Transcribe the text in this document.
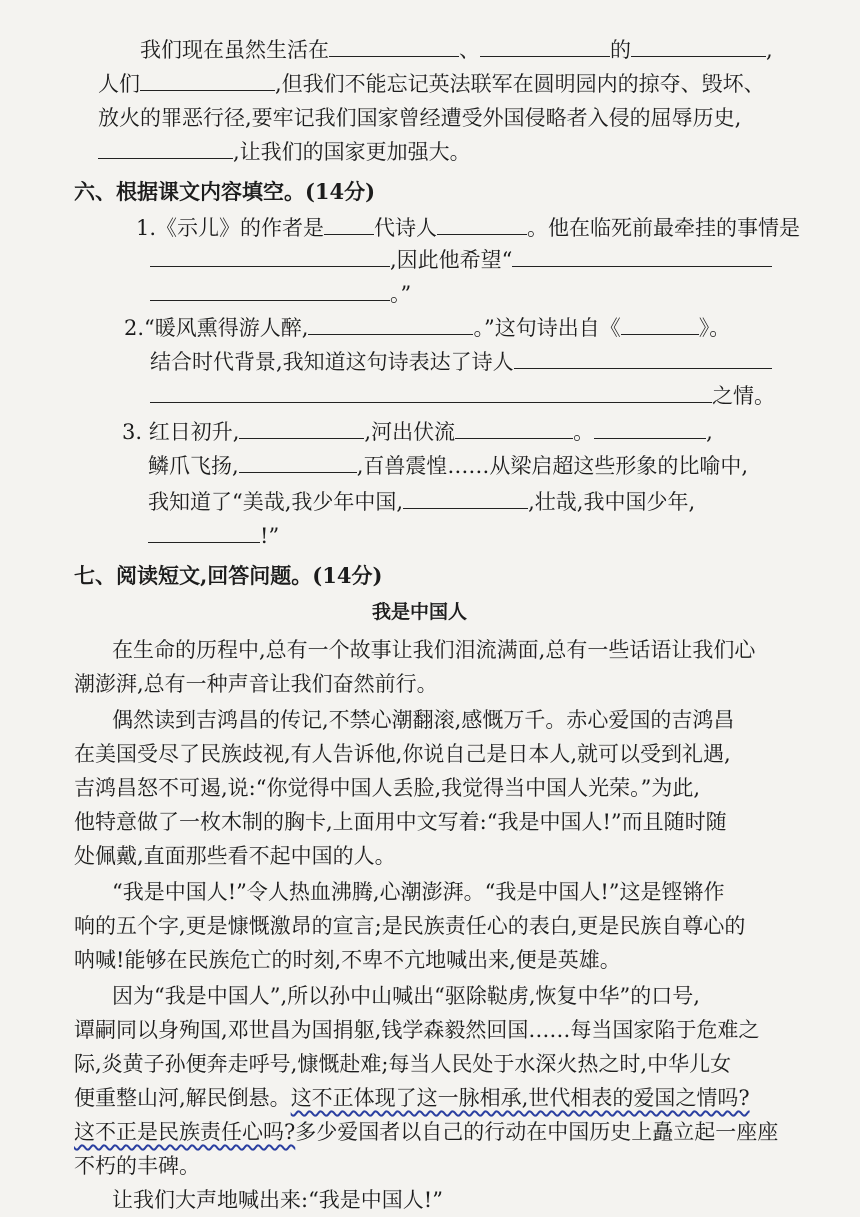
我们现在虽然生活在	、	的	,
人们	,但我们不能忘记英法联军在圆明园内的掠夺、毁坏、
放火的罪恶行径,要牢记我们国家曾经遭受外国侵略者入侵的屈辱历史,
,让我们的国家更加强大。
六、根据课文内容填空。(14分)
1.《示儿》的作者是 代诗人	。他在临死前最牵挂的事情是
,因此他希望“
。”
2.“暖风熏得游人醉,	。”这句诗出自《	》。
结合时代背景,我知道这句诗表达了诗人
之情。
3. 红日初升,	,河出伏流	。	,
鳞爪飞扬,	,百兽震惶……从梁启超这些形象的比喻中,
我知道了“美哉,我少年中国,	,壮哉,我中国少年,
!”
七、阅读短文,回答问题。(14分)
我是中国人
在生命的历程中,总有一个故事让我们泪流满面,总有一些话语让我们心
潮澎湃,总有一种声音让我们奋然前行。
偶然读到吉鸿昌的传记,不禁心潮翻滚,感慨万千。赤心爱国的吉鸿昌
在美国受尽了民族歧视,有人告诉他,你说自己是日本人,就可以受到礼遇,
吉鸿昌怒不可遏,说:“你觉得中国人丢脸,我觉得当中国人光荣。”为此,
他特意做了一枚木制的胸卡,上面用中文写着:“我是中国人!”而且随时随
处佩戴,直面那些看不起中国的人。
“我是中国人!”令人热血沸腾,心潮澎湃。“我是中国人!”这是铿锵作
响的五个字,更是慷慨激昂的宣言;是民族责任心的表白,更是民族自尊心的
呐喊!能够在民族危亡的时刻,不卑不亢地喊出来,便是英雄。
因为“我是中国人”,所以孙中山喊出“驱除鞑虏,恢复中华”的口号,
谭嗣同以身殉国,邓世昌为国捐躯,钱学森毅然回国……每当国家陷于危难之
际,炎黄子孙便奔走呼号,慷慨赴难;每当人民处于水深火热之时,中华儿女
便重整山河,解民倒悬。这不正体现了这一脉相承,世代相表的爱国之情吗?
这不正是民族责任心吗?多少爱国者以自己的行动在中国历史上矗立起一座座
不朽的丰碑。
让我们大声地喊出来:“我是中国人!”
